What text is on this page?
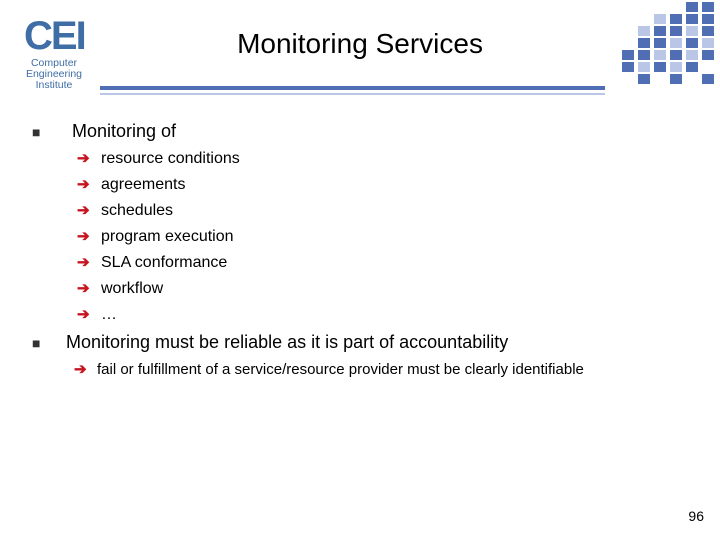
CEI
Computer
Engineering
Institute
Monitoring Services
■ Monitoring of
➔ resource conditions
➔ agreements
➔ schedules
➔ program execution
➔ SLA conformance
➔ workflow
➔ …
■ Monitoring must be reliable as it is part of accountability
➔ fail or fulfillment of a service/resource provider must be clearly identifiable
96
